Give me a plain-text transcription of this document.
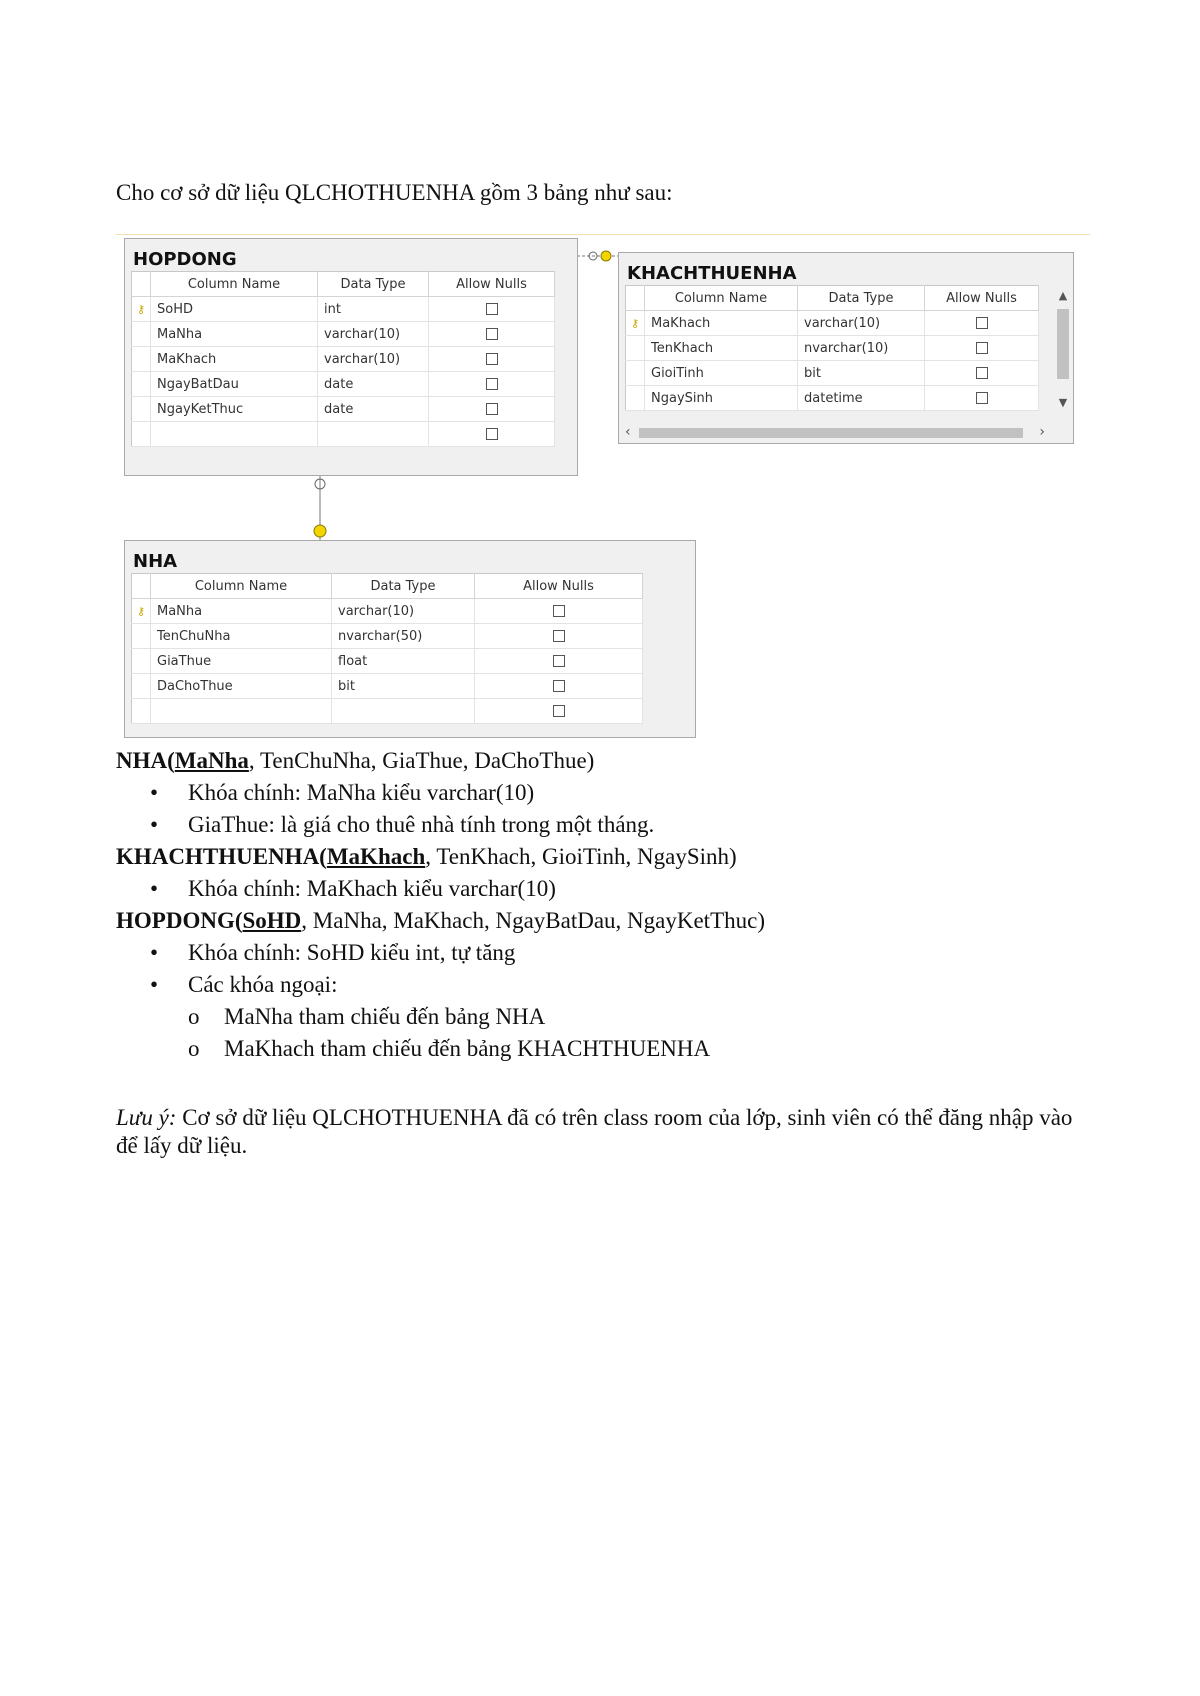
Cho cơ sở dữ liệu QLCHOTHUENHA gồm 3 bảng như sau:
HOPDONG
	Column Name	Data Type	Allow Nulls
⚷	SoHD	int	
	MaNha	varchar(10)	
	MaKhach	varchar(10)	
	NgayBatDau	date	
	NgayKetThuc	date	

KHACHTHUENHA
	Column Name	Data Type	Allow Nulls
⚷	MaKhach	varchar(10)	
	TenKhach	nvarchar(10)	
	GioiTinh	bit	
	NgaySinh	datetime	
▲
▼
‹	›
NHA
	Column Name	Data Type	Allow Nulls
⚷	MaNha	varchar(10)	
	TenChuNha	nvarchar(50)	
	GiaThue	float	
	DaChoThue	bit	

NHA(MaNha, TenChuNha, GiaThue, DaChoThue)
• Khóa chính: MaNha kiểu varchar(10)
• GiaThue: là giá cho thuê nhà tính trong một tháng.
KHACHTHUENHA(MaKhach, TenKhach, GioiTinh, NgaySinh)
• Khóa chính: MaKhach kiểu varchar(10)
HOPDONG(SoHD, MaNha, MaKhach, NgayBatDau, NgayKetThuc)
• Khóa chính: SoHD kiểu int, tự tăng
• Các khóa ngoại:
o MaNha tham chiếu đến bảng NHA
o MaKhach tham chiếu đến bảng KHACHTHUENHA
Lưu ý: Cơ sở dữ liệu QLCHOTHUENHA đã có trên class room của lớp, sinh viên có thể đăng nhập vào để lấy dữ liệu.
